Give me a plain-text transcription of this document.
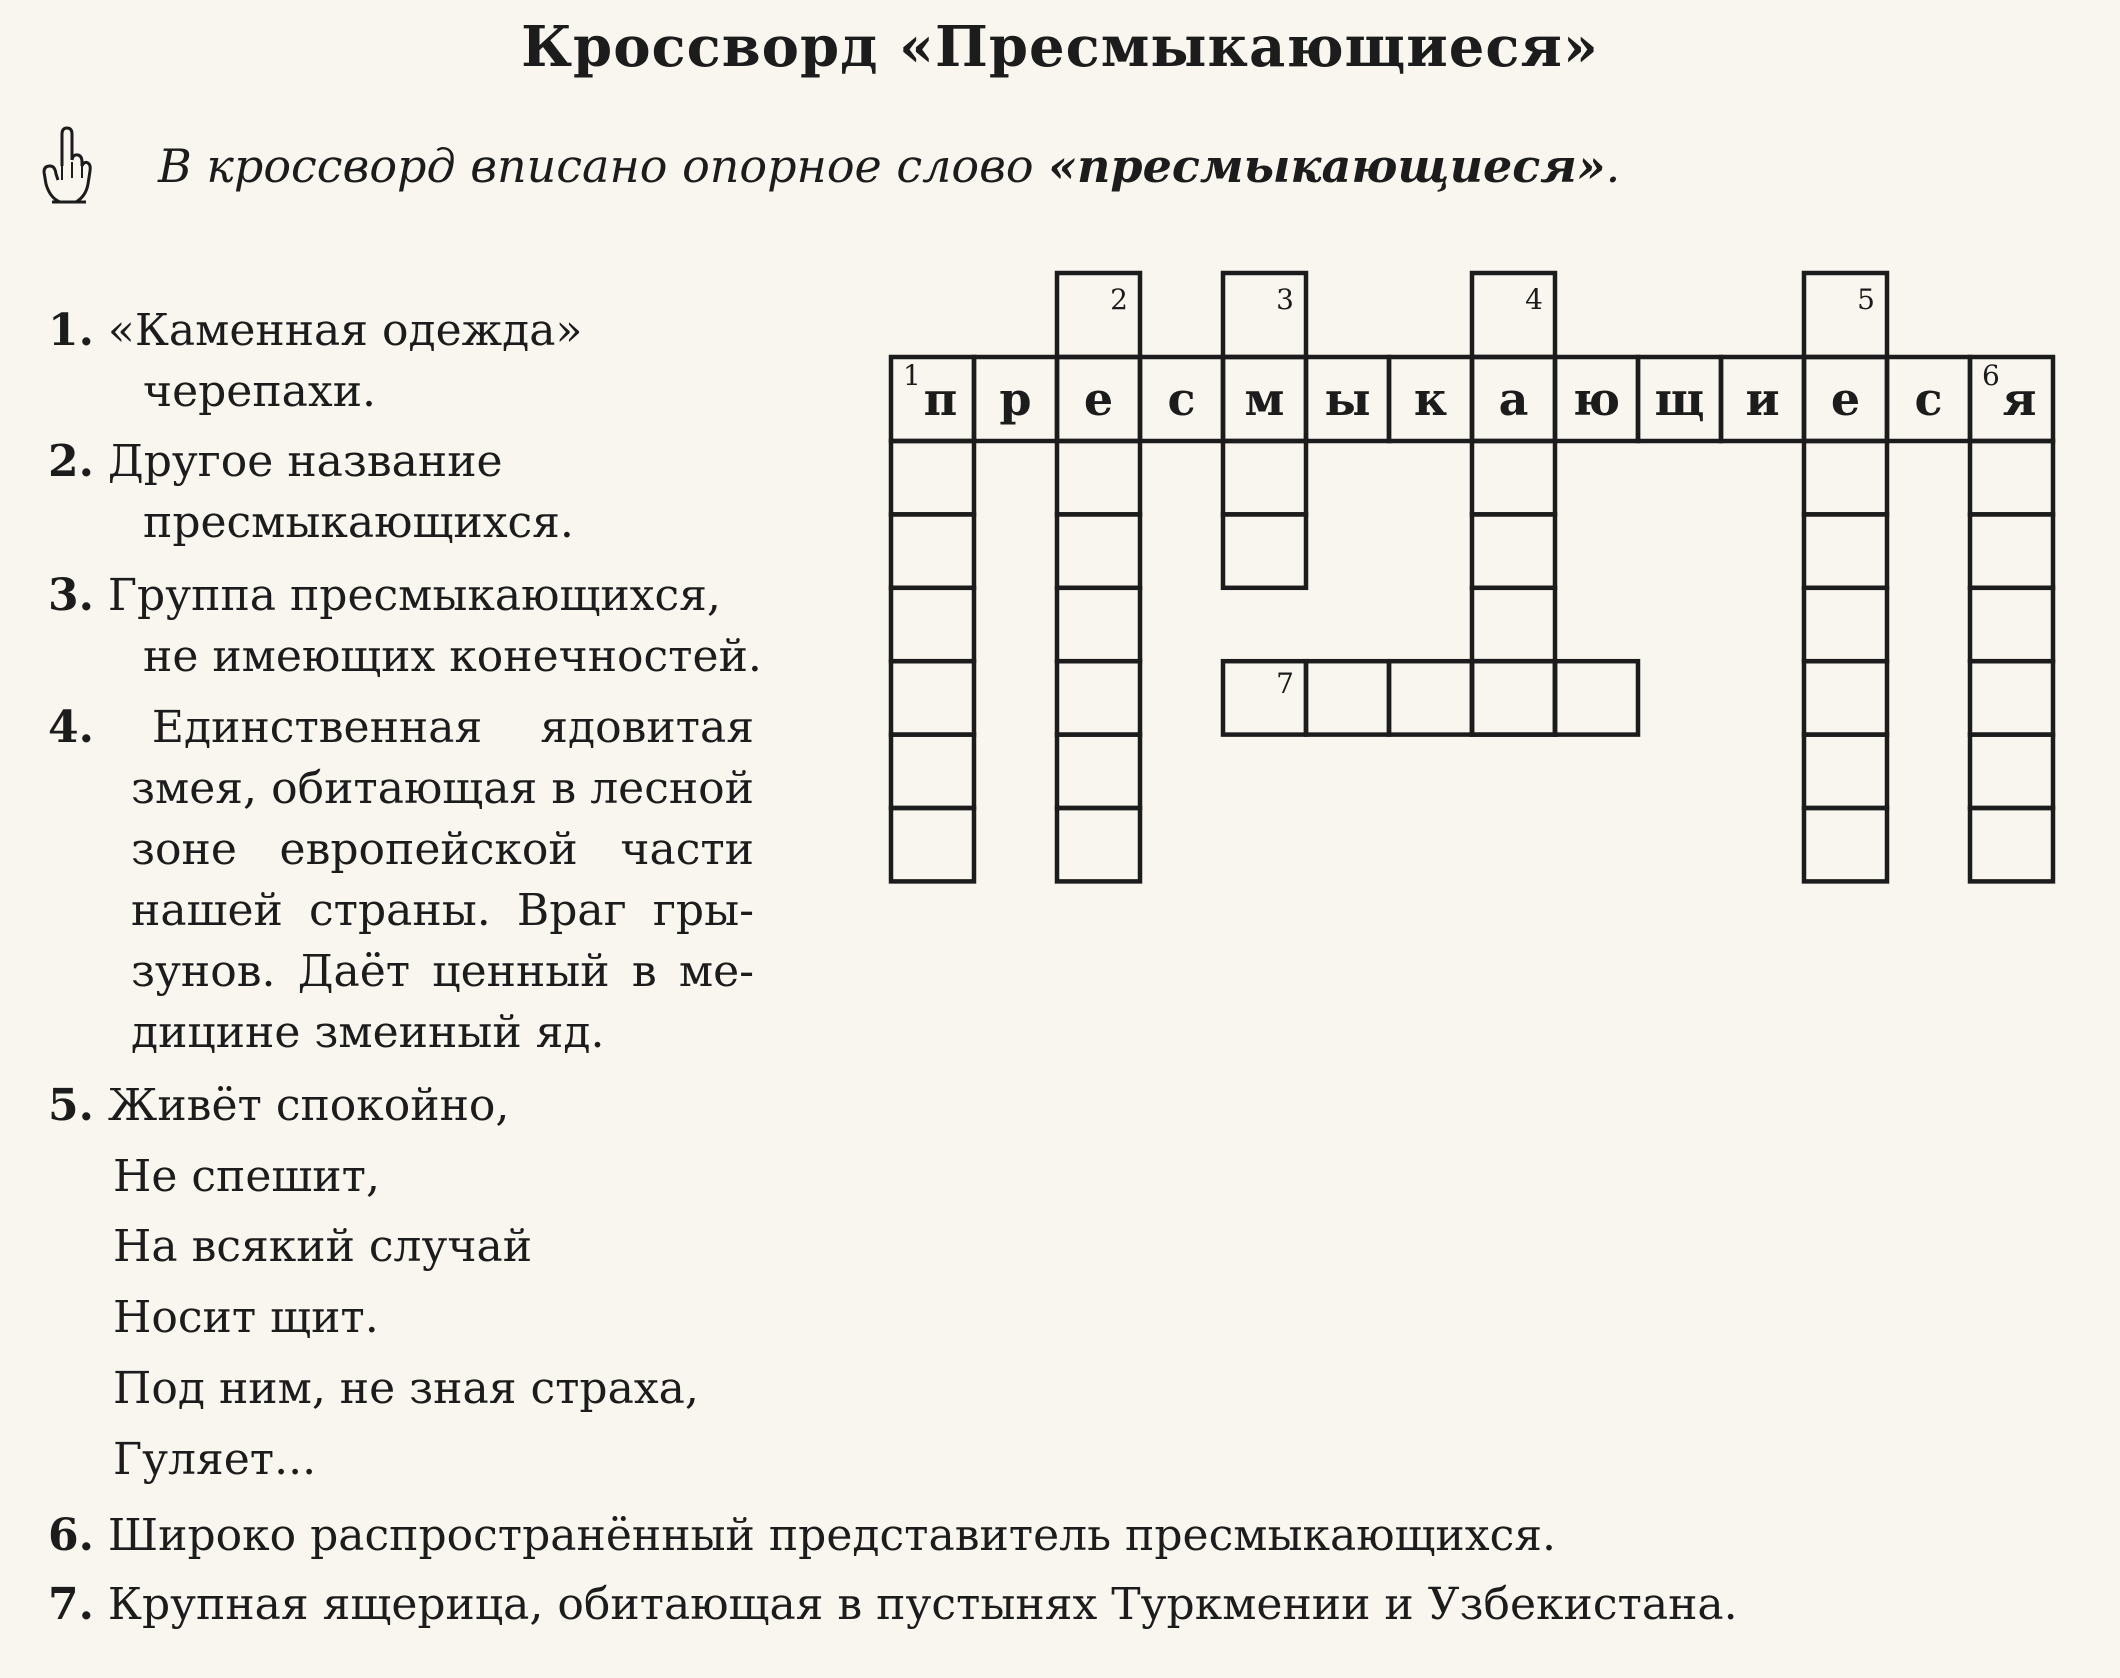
Кроссворд «Пресмыкающиеся»
В кроссворд вписано опорное слово «пресмыкающиеся».
1. «Каменная одежда»
черепахи.
2. Другое название
пресмыкающихся.
3. Группа пресмыкающихся,
не имеющих конечностей.
4. Единственная ядовитая
змея, обитающая в лесной
зоне европейской части
нашей страны. Враг гры-
зунов. Даёт ценный в ме-
дицине змеиный яд.
5. Живёт спокойно,
Не спешит,
На всякий случай
Носит щит.
Под ним, не зная страха,
Гуляет...
6. Широко распространённый представитель пресмыкающихся.
7. Крупная ящерица, обитающая в пустынях Туркмении и Узбекистана.
п р е с м ы к а ю щ и е с я
1
2	3	4	5
6
7
